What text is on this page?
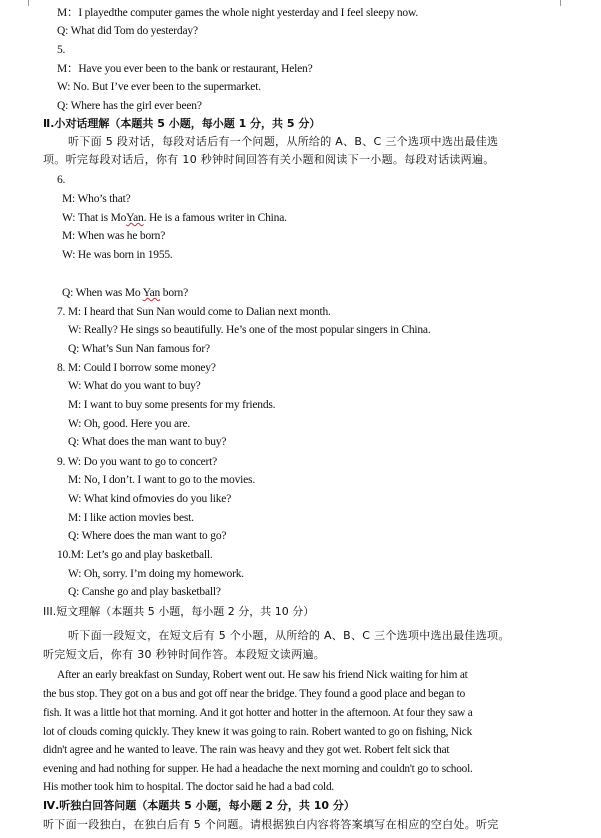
M：I playedthe computer games the whole night yesterday and I feel sleepy now.
Q: What did Tom do yesterday?
5.
M：Have you ever been to the bank or restaurant, Helen?
W: No. But I’ve ever been to the supermarket.
Q: Where has the girl ever been?
Ⅱ.小对话理解（本题共 5 小题，每小题 1 分，共 5 分）
听下面 5 段对话，每段对话后有一个问题，从所给的 A、B、C 三个选项中选出最佳选
项。听完每段对话后，你有 10 秒钟时间回答有关小题和阅读下一小题。每段对话读两遍。
6.
M: Who’s that?
W: That is MoYan. He is a famous writer in China.
M: When was he born?
W: He was born in 1955.
Q: When was Mo Yan born?
7. M: I heard that Sun Nan would come to Dalian next month.
W: Really? He sings so beautifully. He’s one of the most popular singers in China.
Q: What’s Sun Nan famous for?
8. M: Could I borrow some money?
W: What do you want to buy?
M: I want to buy some presents for my friends.
W: Oh, good. Here you are.
Q: What does the man want to buy?
9. W: Do you want to go to concert?
M: No, I don’t. I want to go to the movies.
W: What kind ofmovies do you like?
M: I like action movies best.
Q: Where does the man want to go?
10.M: Let’s go and play basketball.
W: Oh, sorry. I’m doing my homework.
Q: Canshe go and play basketball?
III.短文理解（本题共 5 小题，每小题 2 分，共 10 分）
听下面一段短文，在短文后有 5 个小题，从所给的 A、B、C 三个选项中选出最佳选项。
听完短文后，你有 30 秒钟时间作答。本段短文读两遍。
After an early breakfast on Sunday, Robert went out. He saw his friend Nick waiting for him at
the bus stop. They got on a bus and got off near the bridge. They found a good place and began to
fish. It was a little hot that morning. And it got hotter and hotter in the afternoon. At four they saw a
lot of clouds coming quickly. They knew it was going to rain. Robert wanted to go on fishing, Nick
didn't agree and he wanted to leave. The rain was heavy and they got wet. Robert felt sick that
evening and had nothing for supper. He had a headache the next morning and couldn't go to school.
His mother took him to hospital. The doctor said he had a bad cold.
Ⅳ.听独白回答问题（本题共 5 小题，每小题 2 分，共 10 分）
听下面一段独白，在独白后有 5 个问题。请根据独白内容将答案填写在相应的空白处。听完
